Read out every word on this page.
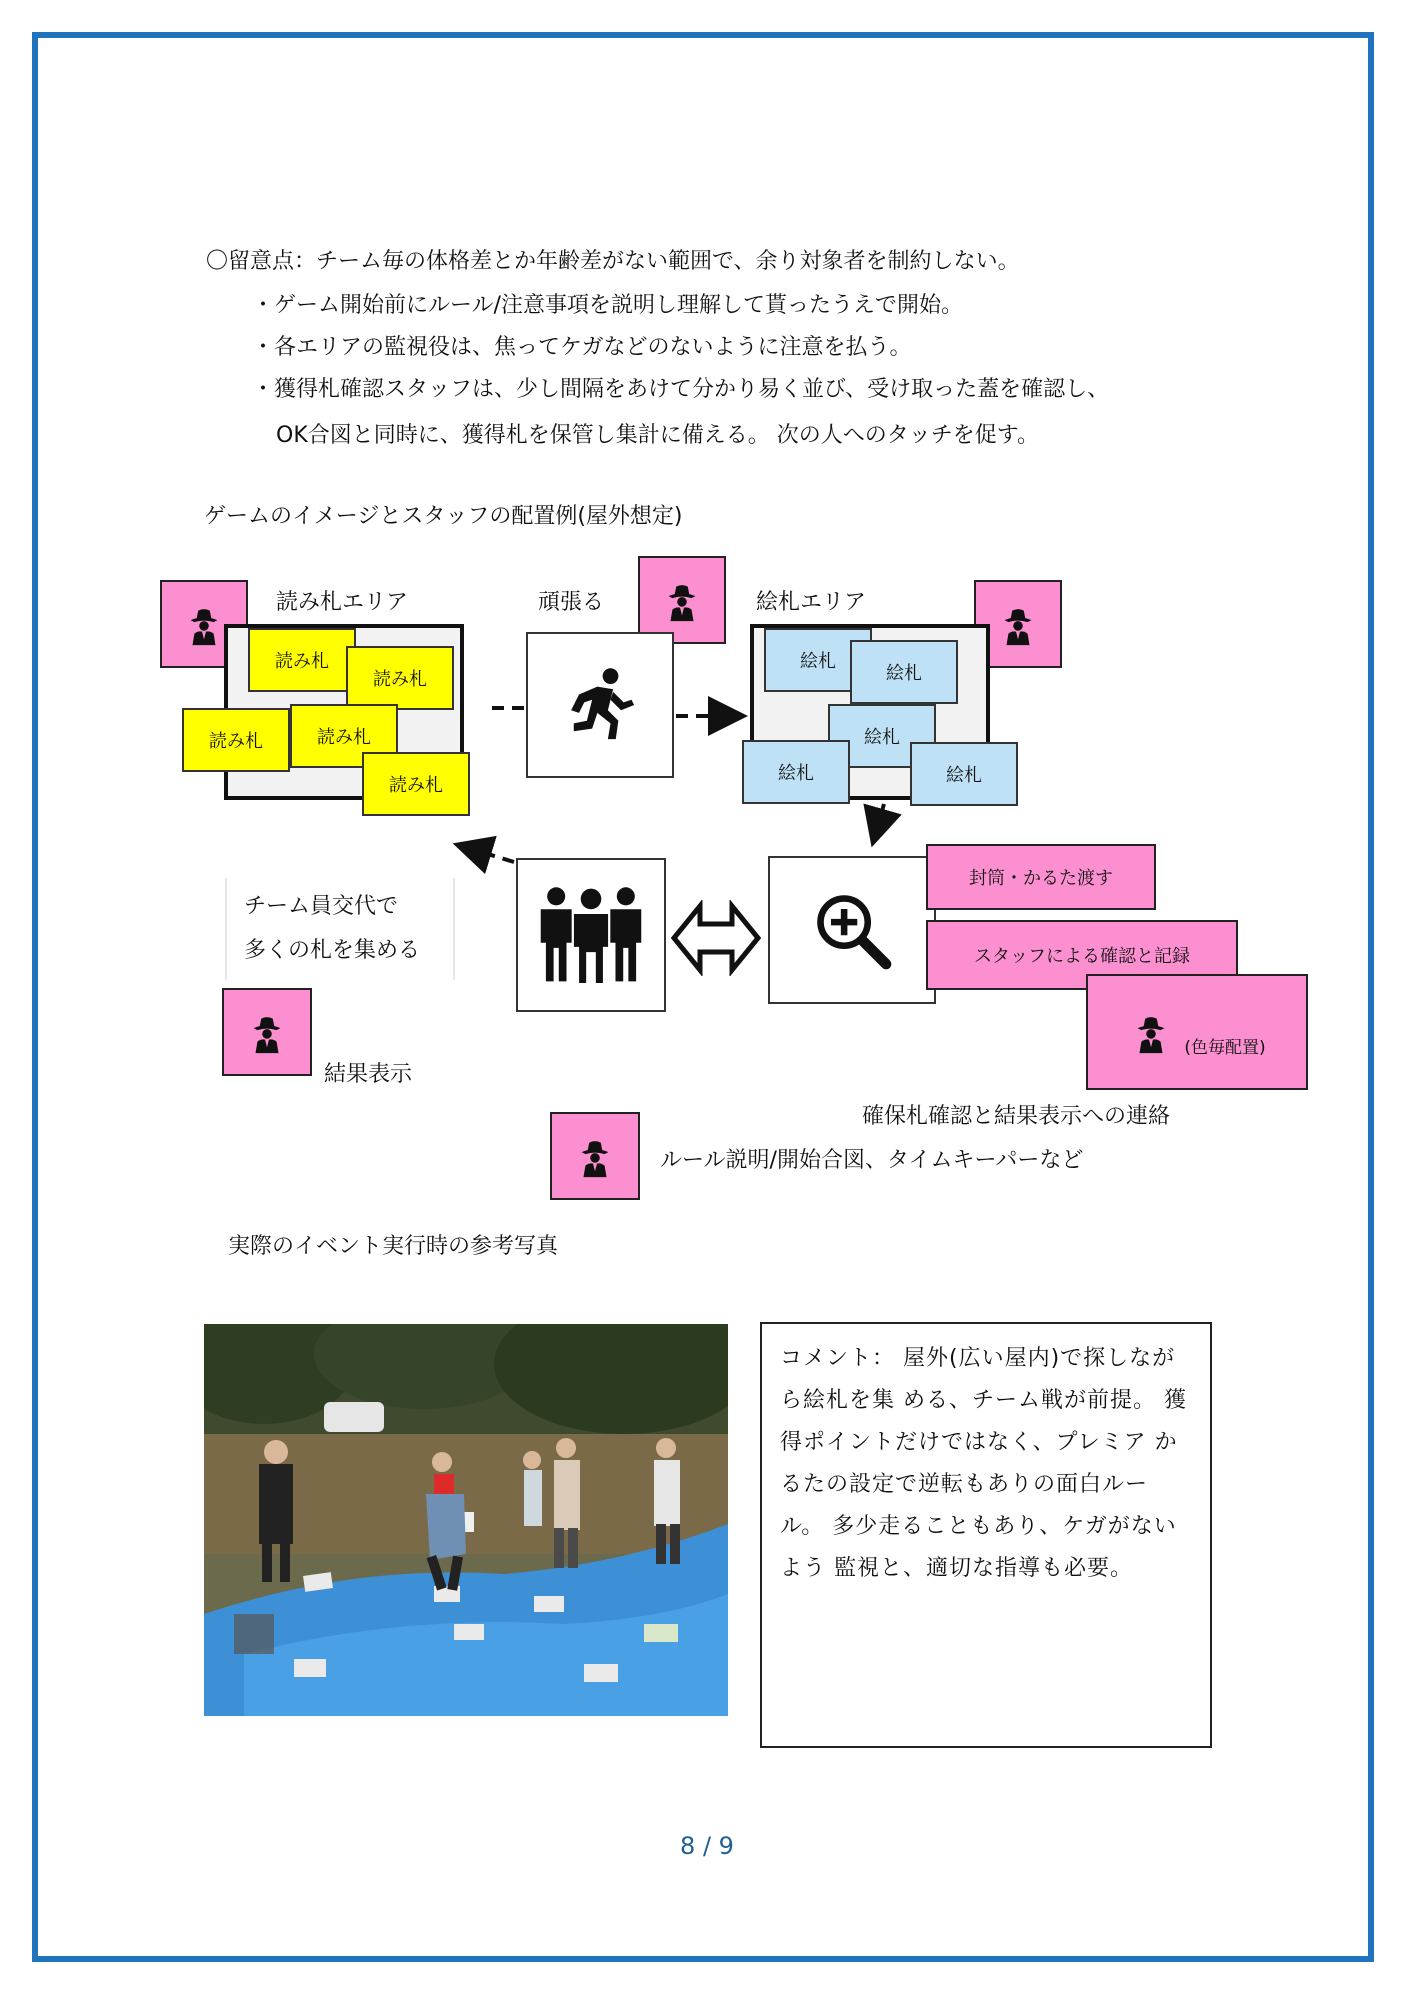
〇留意点：チーム毎の体格差とか年齢差がない範囲で、余り対象者を制約しない。
・ゲーム開始前にルール/注意事項を説明し理解して貰ったうえで開始。
・各エリアの監視役は、焦ってケガなどのないように注意を払う。
・獲得札確認スタッフは、少し間隔をあけて分かり易く並び、受け取った蓋を確認し、
OK合図と同時に、獲得札を保管し集計に備える。 次の人へのタッチを促す。
ゲームのイメージとスタッフの配置例(屋外想定)
読み札エリア
読み札
読み札
読み札	読み札
読み札
頑張る	絵札エリア
絵札
絵札
絵札
絵札	絵札
チーム員交代で
多くの札を集める
封筒・かるた渡す
スタッフによる確認と記録
(色毎配置)
結果表示
確保札確認と結果表示への連絡
ルール説明/開始合図、タイムキーパーなど
実際のイベント実行時の参考写真
コメント： 屋外(広い屋内)で探しなが
ら絵札を集 める、チーム戦が前提。 獲
得ポイントだけではなく、プレミア か
るたの設定で逆転もありの面白ルー
ル。 多少走ることもあり、ケガがない
よう 監視と、適切な指導も必要。
8 / 9
